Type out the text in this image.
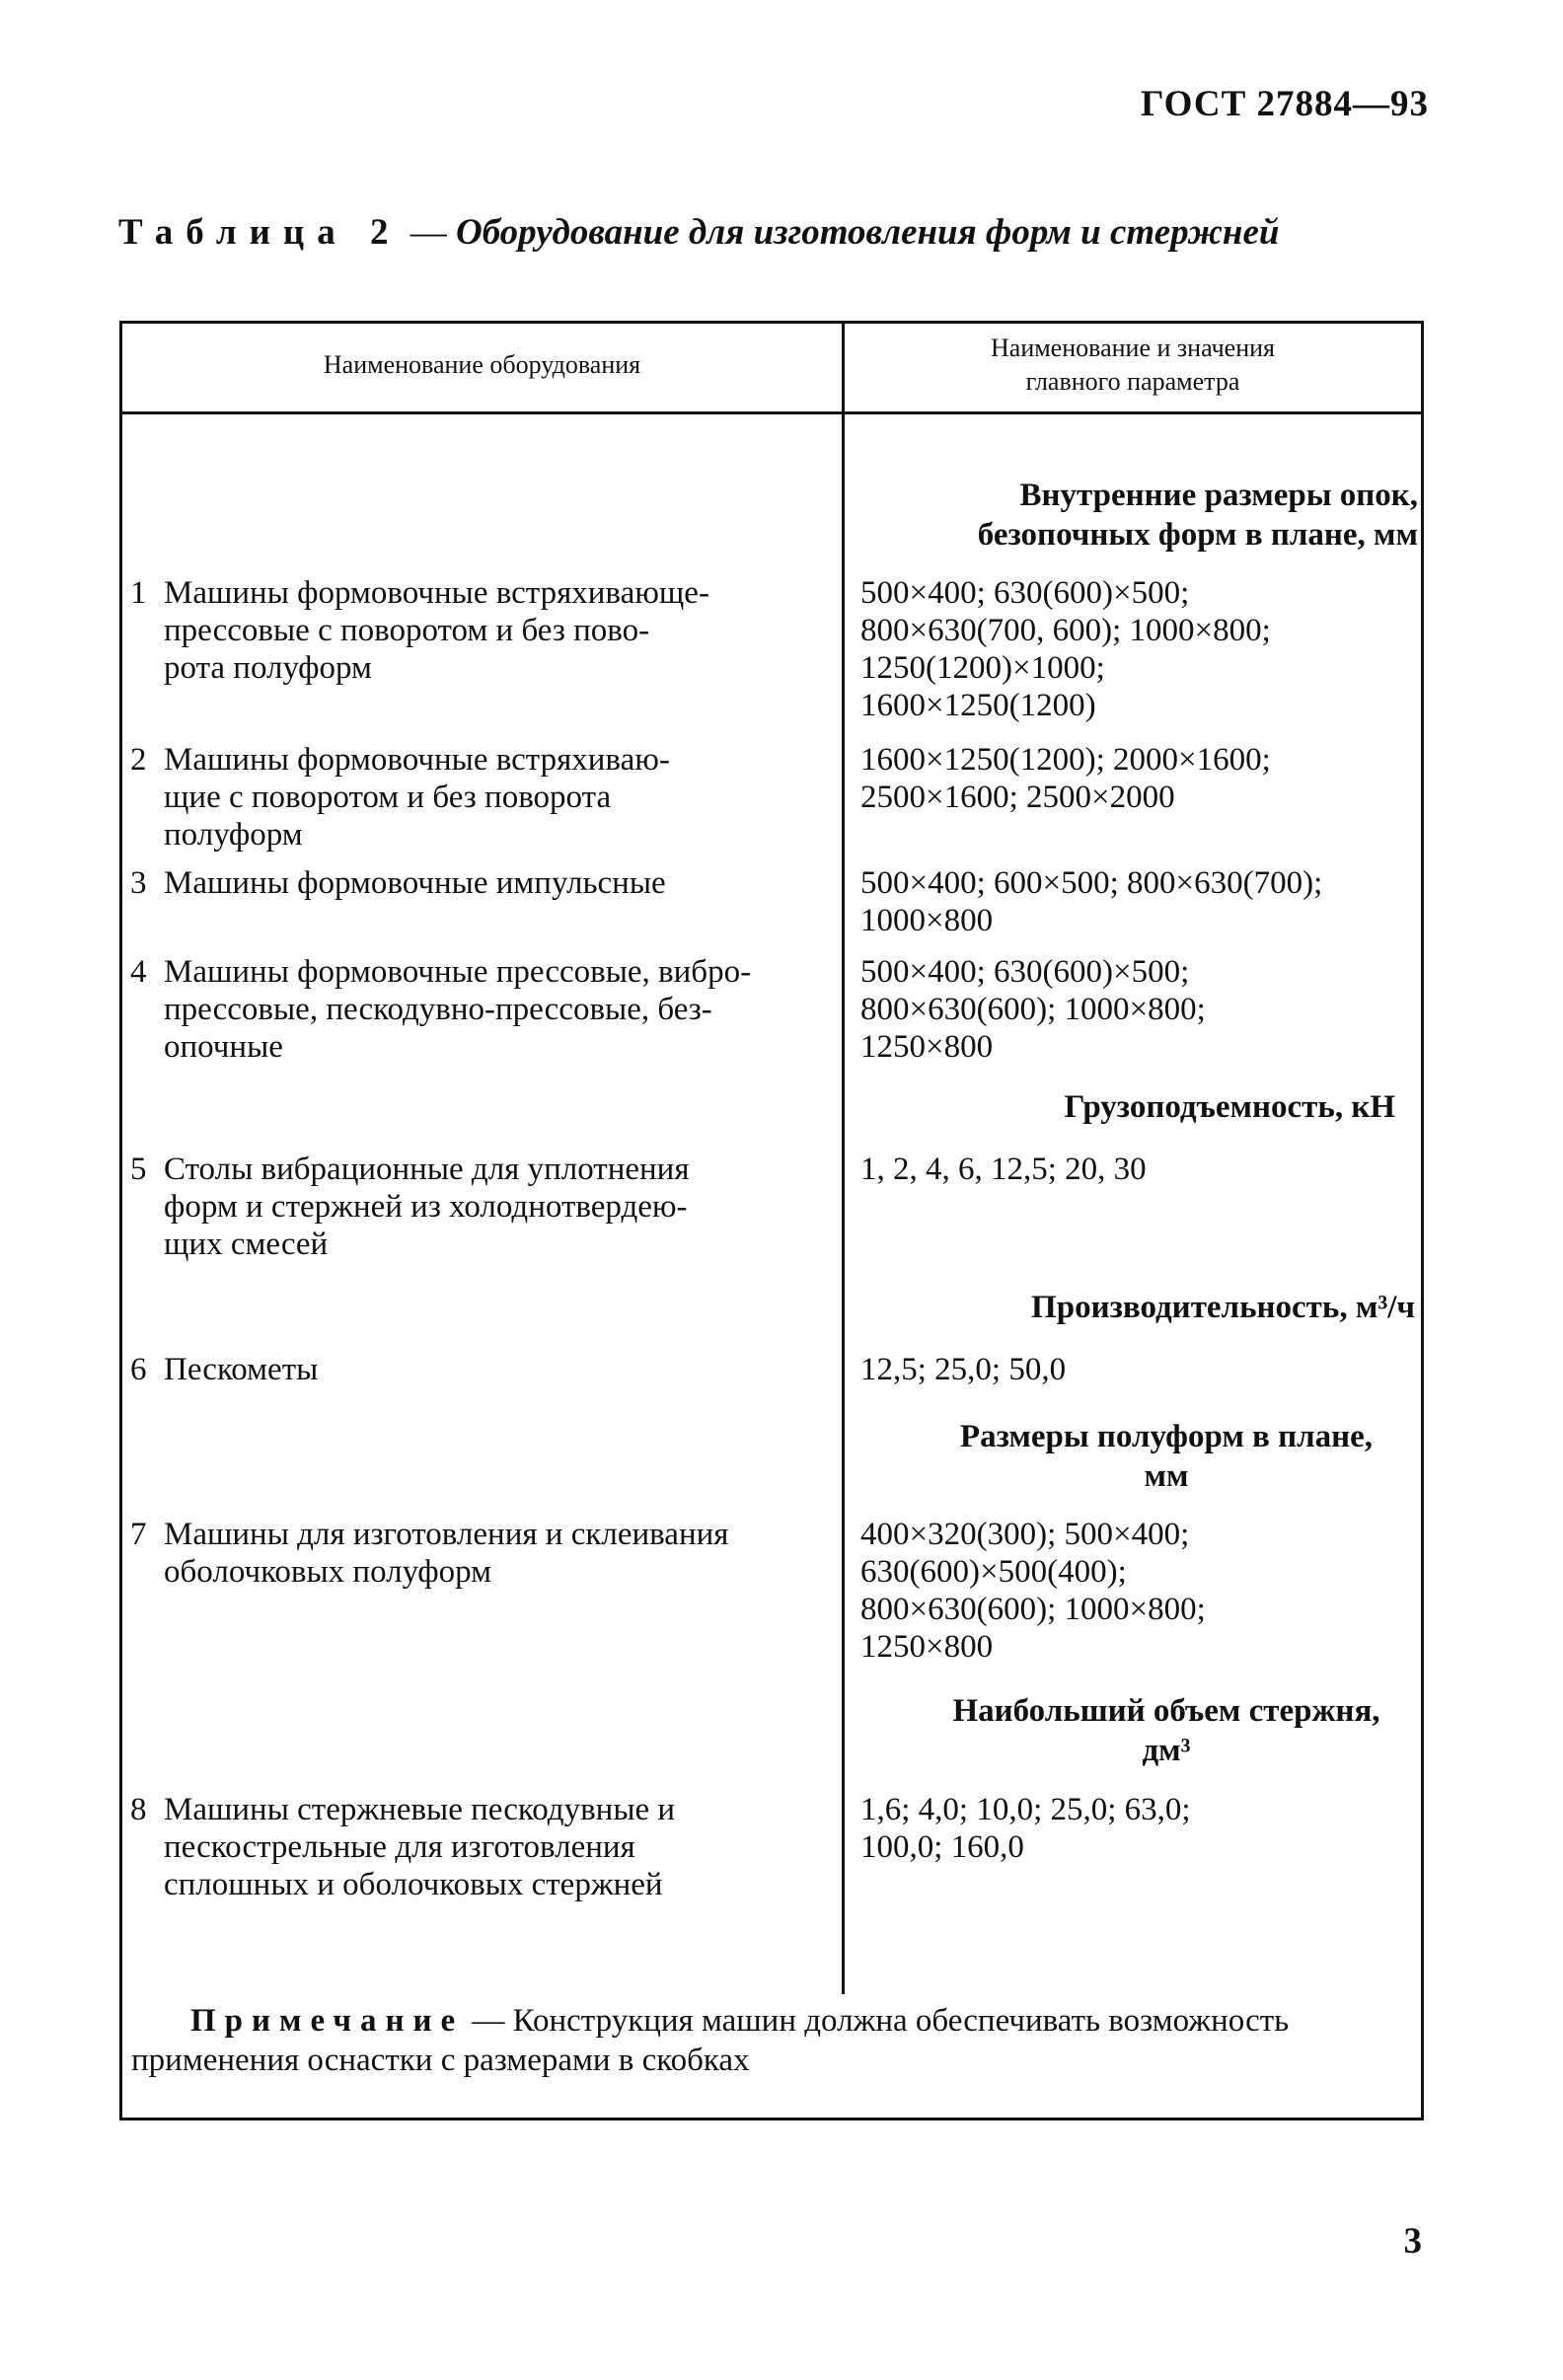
ГОСТ 27884—93
Таблица 2 — Оборудование для изготовления форм и стержней
Наименование оборудования
Наименование и значения
главного параметра
Внутренние размеры опок,
безопочных форм в плане, мм
Грузоподъемность, кН
Производительность, м³/ч
Размеры полуформ в плане,
мм
Наибольший объем стержня,
дм³
1 Машины формовочные встряхивающе-
прессовые с поворотом и без пово-
рота полуформ
500×400; 630(600)×500;
800×630(700, 600); 1000×800;
1250(1200)×1000;
1600×1250(1200)
2 Машины формовочные встряхиваю-
щие с поворотом и без поворота
полуформ
1600×1250(1200); 2000×1600;
2500×1600; 2500×2000
3 Машины формовочные импульсные	500×400; 600×500; 800×630(700);
1000×800
4 Машины формовочные прессовые, вибро-
прессовые, пескодувно-прессовые, без-
опочные
500×400; 630(600)×500;
800×630(600); 1000×800;
1250×800
5 Столы вибрационные для уплотнения
форм и стержней из холоднотвердею-
щих смесей
1, 2, 4, 6, 12,5; 20, 30
6 Пескометы	12,5; 25,0; 50,0
7 Машины для изготовления и склеивания
оболочковых полуформ
400×320(300); 500×400;
630(600)×500(400);
800×630(600); 1000×800;
1250×800
8 Машины стержневые пескодувные и
пескострельные для изготовления
сплошных и оболочковых стержней
1,6; 4,0; 10,0; 25,0; 63,0;
100,0; 160,0
Примечание — Конструкция машин должна обеспечивать возможность
применения оснастки с размерами в скобках
3
